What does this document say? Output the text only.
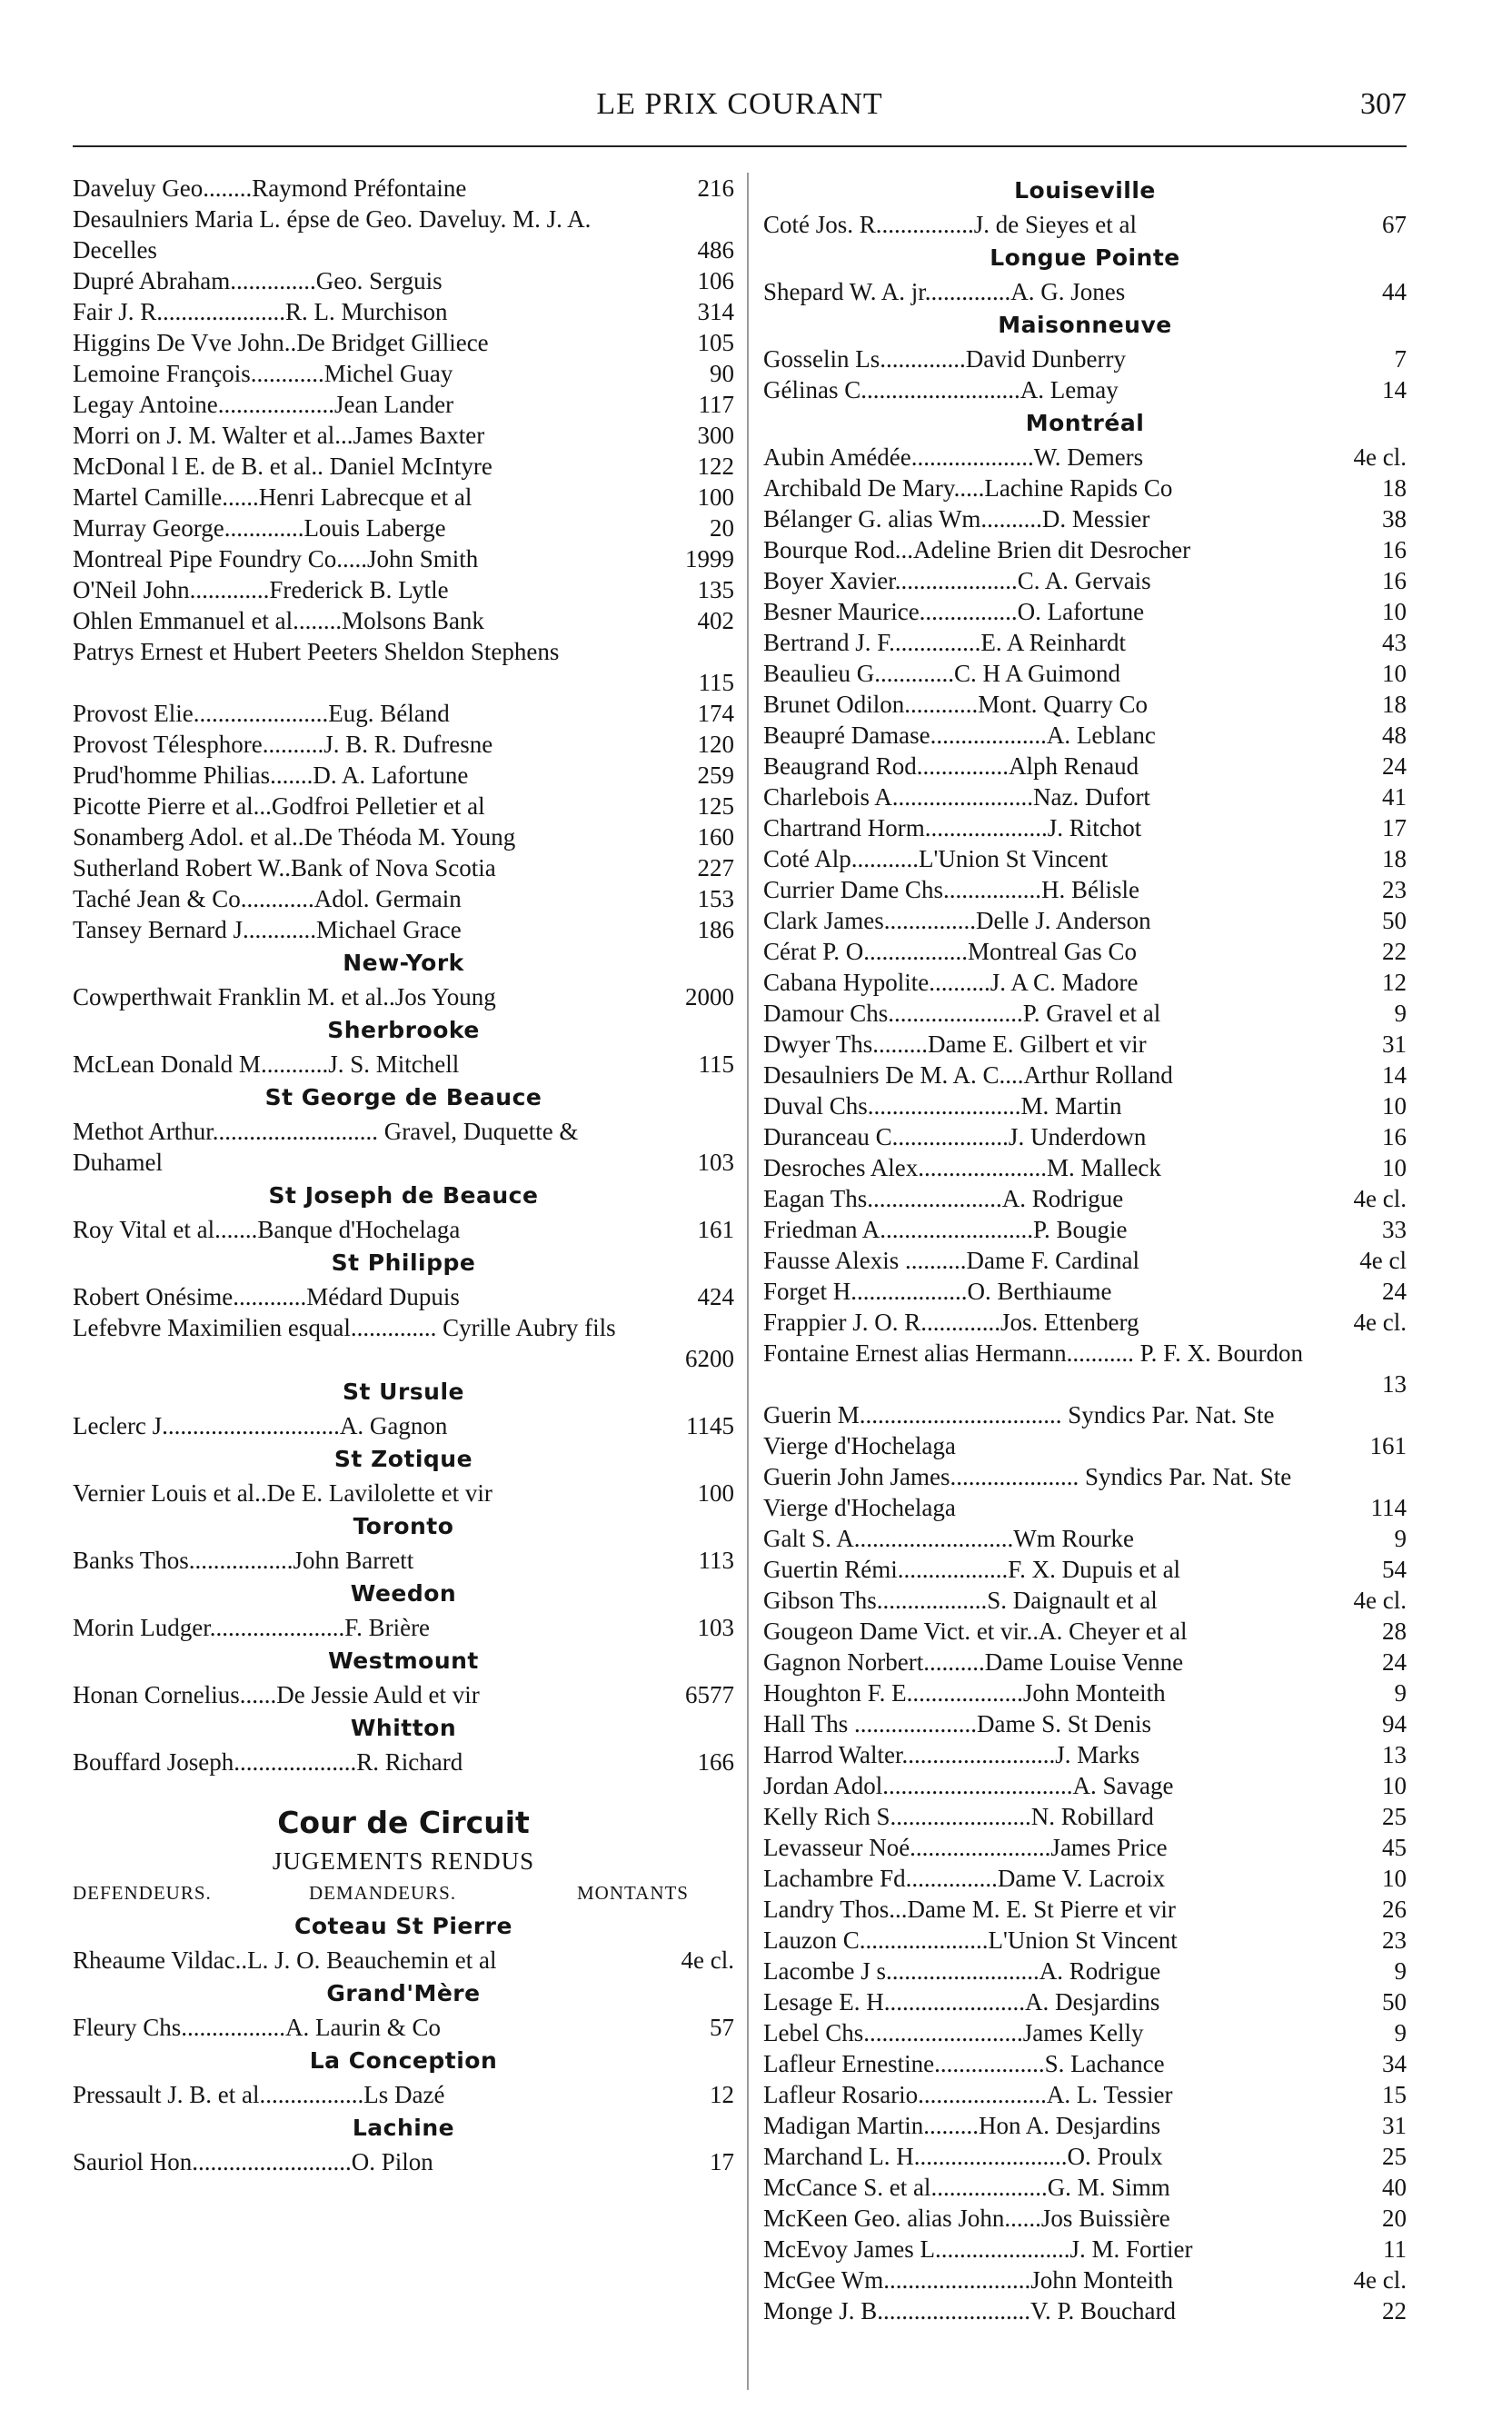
LE PRIX COURANT	307
Daveluy Geo........Raymond Préfontaine	216
Desaulniers Maria L. épse de Geo. Daveluy. M. J. A. Decelles	486
Dupré Abraham..............Geo. Serguis	106
Fair J. R.....................R. L. Murchison	314
Higgins De Vve John..De Bridget Gilliece	105
Lemoine François............Michel Guay	90
Legay Antoine...................Jean Lander	117
Morri on J. M. Walter et al...James Baxter	300
McDonal l E. de B. et al.. Daniel McIntyre	122
Martel Camille......Henri Labrecque et al	100
Murray George.............Louis Laberge	20
Montreal Pipe Foundry Co.....John Smith	1999
O'Neil John.............Frederick B. Lytle	135
Ohlen Emmanuel et al........Molsons Bank	402
Patrys Ernest et Hubert Peeters Sheldon Stephens
115
Provost Elie......................Eug. Béland	174
Provost Télesphore..........J. B. R. Dufresne	120
Prud'homme Philias.......D. A. Lafortune	259
Picotte Pierre et al...Godfroi Pelletier et al	125
Sonamberg Adol. et al..De Théoda M. Young	160
Sutherland Robert W..Bank of Nova Scotia	227
Taché Jean & Co............Adol. Germain	153
Tansey Bernard J............Michael Grace	186
New-York
Cowperthwait Franklin M. et al..Jos Young	2000
Sherbrooke
McLean Donald M...........J. S. Mitchell	115
St George de Beauce
Methot Arthur........................... Gravel, Duquette & Duhamel	103
St Joseph de Beauce
Roy Vital et al.......Banque d'Hochelaga	161
St Philippe
Robert Onésime............Médard Dupuis	424
Lefebvre Maximilien esqual.............. Cyrille Aubry fils
6200
St Ursule
Leclerc J.............................A. Gagnon	1145
St Zotique
Vernier Louis et al..De E. Lavilolette et vir	100
Toronto
Banks Thos.................John Barrett	113
Weedon
Morin Ludger......................F. Brière	103
Westmount
Honan Cornelius......De Jessie Auld et vir	6577
Whitton
Bouffard Joseph....................R. Richard	166
Cour de Circuit
JUGEMENTS RENDUS
DEFENDEURS.	DEMANDEURS.	MONTANTS
Coteau St Pierre
Rheaume Vildac..L. J. O. Beauchemin et al	4e cl.
Grand'Mère
Fleury Chs.................A. Laurin & Co	57
La Conception
Pressault J. B. et al.................Ls Dazé	12
Lachine
Sauriol Hon..........................O. Pilon	17
Louiseville
Coté Jos. R................J. de Sieyes et al	67
Longue Pointe
Shepard W. A. jr..............A. G. Jones	44
Maisonneuve
Gosselin Ls..............David Dunberry	7
Gélinas C..........................A. Lemay	14
Montréal
Aubin Amédée....................W. Demers	4e cl.
Archibald De Mary.....Lachine Rapids Co	18
Bélanger G. alias Wm..........D. Messier	38
Bourque Rod...Adeline Brien dit Desrocher	16
Boyer Xavier....................C. A. Gervais	16
Besner Maurice................O. Lafortune	10
Bertrand J. F...............E. A Reinhardt	43
Beaulieu G.............C. H A Guimond	10
Brunet Odilon............Mont. Quarry Co	18
Beaupré Damase...................A. Leblanc	48
Beaugrand Rod...............Alph Renaud	24
Charlebois A.......................Naz. Dufort	41
Chartrand Horm....................J. Ritchot	17
Coté Alp...........L'Union St Vincent	18
Currier Dame Chs................H. Bélisle	23
Clark James...............Delle J. Anderson	50
Cérat P. O.................Montreal Gas Co	22
Cabana Hypolite..........J. A C. Madore	12
Damour Chs......................P. Gravel et al	9
Dwyer Ths.........Dame E. Gilbert et vir	31
Desaulniers De M. A. C....Arthur Rolland	14
Duval Chs.........................M. Martin	10
Duranceau C...................J. Underdown	16
Desroches Alex.....................M. Malleck	10
Eagan Ths......................A. Rodrigue	4e cl.
Friedman A.........................P. Bougie	33
Fausse Alexis ..........Dame F. Cardinal	4e cl
Forget H...................O. Berthiaume	24
Frappier J. O. R.............Jos. Ettenberg	4e cl.
Fontaine Ernest alias Hermann........... P. F. X. Bourdon
13
Guerin M................................. Syndics Par. Nat. Ste Vierge d'Hochelaga	161
Guerin John James..................... Syndics Par. Nat. Ste Vierge d'Hochelaga	114
Galt S. A..........................Wm Rourke	9
Guertin Rémi..................F. X. Dupuis et al	54
Gibson Ths..................S. Daignault et al	4e cl.
Gougeon Dame Vict. et vir..A. Cheyer et al	28
Gagnon Norbert..........Dame Louise Venne	24
Houghton F. E...................John Monteith	9
Hall Ths ....................Dame S. St Denis	94
Harrod Walter.........................J. Marks	13
Jordan Adol...............................A. Savage	10
Kelly Rich S.......................N. Robillard	25
Levasseur Noé.......................James Price	45
Lachambre Fd...............Dame V. Lacroix	10
Landry Thos...Dame M. E. St Pierre et vir	26
Lauzon C.....................L'Union St Vincent	23
Lacombe J s.........................A. Rodrigue	9
Lesage E. H.......................A. Desjardins	50
Lebel Chs..........................James Kelly	9
Lafleur Ernestine..................S. Lachance	34
Lafleur Rosario.....................A. L. Tessier	15
Madigan Martin.........Hon A. Desjardins	31
Marchand L. H.........................O. Proulx	25
McCance S. et al...................G. M. Simm	40
McKeen Geo. alias John......Jos Buissière	20
McEvoy James L......................J. M. Fortier	11
McGee Wm........................John Monteith	4e cl.
Monge J. B.........................V. P. Bouchard	22
